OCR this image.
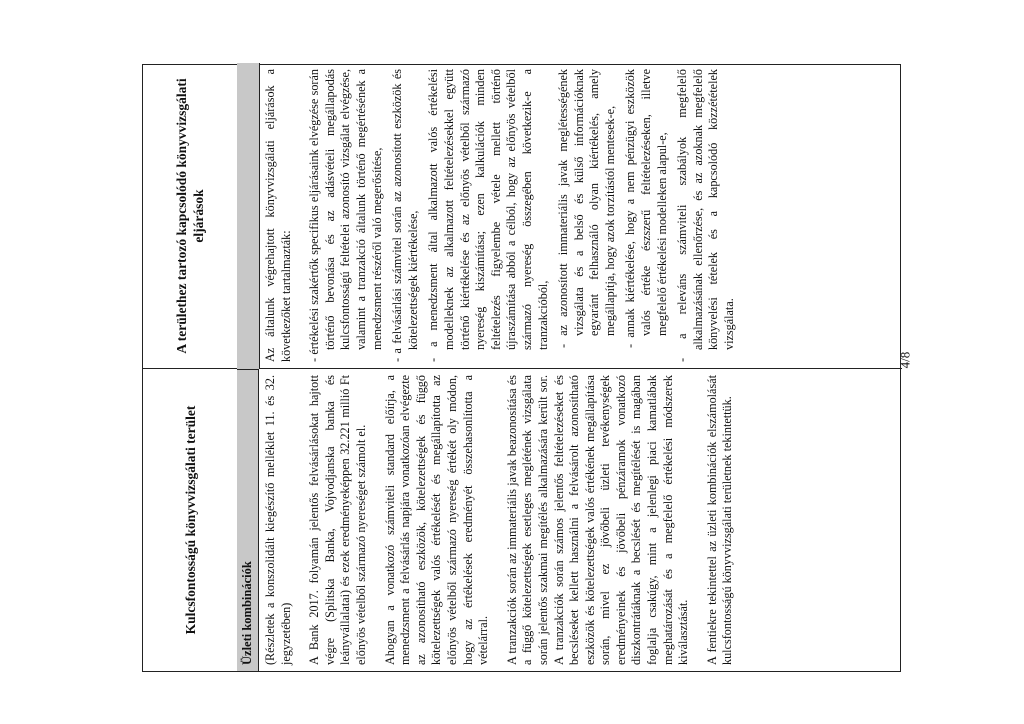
Kulcsfontosságú könyvvizsgálati terület
A területhez tartozó kapcsolódó könyvvizsgálati eljárások
Üzleti kombinációk (Részletek a konszolidált kiegészítő melléklet 11. és 32. jegyzetében) A Bank 2017. folyamán jelentős felvásárlásokat hajtott végre (Splitska Banka, Vojvodjanska banka és leányvállalatai) és ezek eredményeképpen 32.221 millió Ft előnyös vételből származó nyereséget számolt el. Ahogyan a vonatkozó számviteli standard előírja, a menedzsment a felvásárlás napjára vonatkozóan elvégezte az azonosítható eszközök, kötelezettségek és függő kötelezettségek valós értékelését és megállapította az előnyös vételből származó nyereség értékét oly módon, hogy az értékelések eredményét összehasonlította a vételárral. A tranzakciók során az immateriális javak beazonosítása és a függő kötelezettségek esetleges meglétének vizsgálata során jelentős szakmai megítélés alkalmazására került sor. A tranzakciók során számos jelentős feltételezéseket és becsléseket kellett használni a felvásárolt azonosítható eszközök és kötelezettségek valós értékének megállapítása során, mivel ez jövőbeli üzleti tevékenységek eredményeinek és jövőbeli pénzáramok vonatkozó diszkontrátáknak a becslését és megítélését is magában foglalja csakúgy, mint a jelenlegi piaci kamatlábak meghatározását és a megfelelő értékelési módszerek kiválasztását. A fentiekre tekintettel az üzleti kombinációk elszámolását kulcsfontosságú könyvvizsgálati területnek tekintettük.

Az általunk végrehajtott könyvvizsgálati eljárások a következőket tartalmazták: - értékelési szakértők specifikus eljárásaink elvégzése során történő bevonása és az adásvételi megállapodás kulcsfontosságú feltételei azonosító vizsgálat elvégzése, valamint a tranzakció általunk történő megértésének a menedzsment részéről való megerősítése, - a felvásárlási számvitel során az azonosított eszközök és kötelezettségek kiértékelése, - a menedzsment által alkalmazott valós értékelési modelleknek az alkalmazott feltételezésekkel együtt történő kiértékelése és az előnyös vételből származó nyereség kiszámítása; ezen kalkulációk minden feltételezés figyelembe vétele mellett történő újraszámítása abból a célból, hogy az előnyös vételből származó nyereség összegében következik-e a tranzakcióból, - az azonosított immateriális javak meglétességének vizsgálata és a belső és külső információknak egyaránt felhasználó olyan kiértékelés, amely megállapítja, hogy azok torzítástól mentesek-e, - annak kiértékelése, hogy a nem pénzügyi eszközök valós értéke észszerű feltételezéseken, illetve megfelelő értékelési modelleken alapul-e, - a releváns számviteli szabályok megfelelő alkalmazásának ellenőrzése, és az azoknak megfelelő könyvelési tételek és a kapcsolódó közzétételek vizsgálata.
4/8
